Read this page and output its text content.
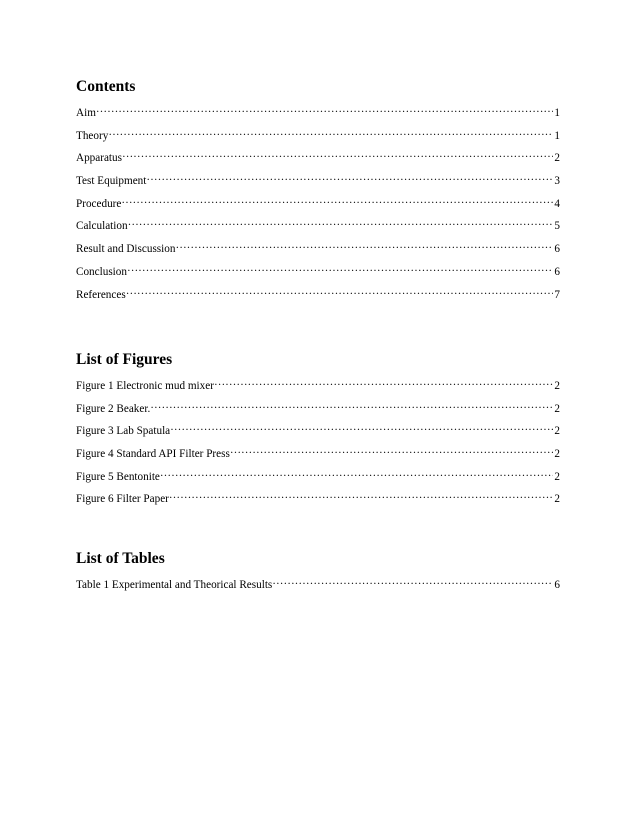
Contents
Aim …………………………………………………………………………………………………………………………………………………………………………………………………	1
Theory …………………………………………………………………………………………………………………………………………………………………………………………………	1
Apparatus …………………………………………………………………………………………………………………………………………………………………………………………………	2
Test Equipment …………………………………………………………………………………………………………………………………………………………………………………………………	3
Procedure …………………………………………………………………………………………………………………………………………………………………………………………………	4
Calculation …………………………………………………………………………………………………………………………………………………………………………………………………	5
Result and Discussion …………………………………………………………………………………………………………………………………………………………………………………………………	6
Conclusion …………………………………………………………………………………………………………………………………………………………………………………………………	6
References …………………………………………………………………………………………………………………………………………………………………………………………………	7
List of Figures
Figure 1 Electronic mud mixer …………………………………………………………………………………………………………………………………………………………………………………………………	2
Figure 2 Beaker. …………………………………………………………………………………………………………………………………………………………………………………………………	2
Figure 3 Lab Spatula …………………………………………………………………………………………………………………………………………………………………………………………………	2
Figure 4 Standard API Filter Press …………………………………………………………………………………………………………………………………………………………………………………………………	2
Figure 5 Bentonite …………………………………………………………………………………………………………………………………………………………………………………………………	2
Figure 6 Filter Paper …………………………………………………………………………………………………………………………………………………………………………………………………	2
List of Tables
Table 1 Experimental and Theorical Results …………………………………………………………………………………………………………………………………………………………………………………………………	6
